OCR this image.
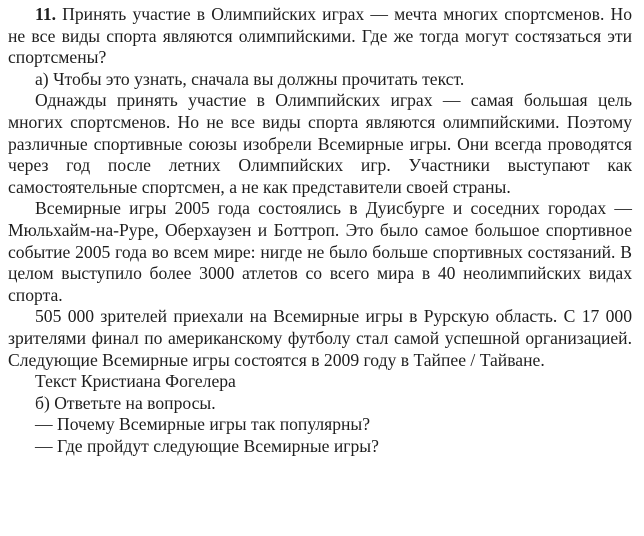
11. Принять участие в Олимпийских играх — мечта многих спортсменов. Но не все виды спорта являются олимпийскими. Где же тогда могут состязаться эти спортсмены?

а) Чтобы это узнать, сначала вы должны прочитать текст.

Однажды принять участие в Олимпийских играх — самая большая цель многих спортсменов. Но не все виды спорта являются олимпийскими. Поэтому различные спортивные союзы изобрели Всемирные игры. Они всегда проводятся через год после летних Олимпийских игр. Участники выступают как самостоятельные спортсмен, а не как представители своей страны.

Всемирные игры 2005 года состоялись в Дуисбурге и соседних городах — Мюльхайм-на-Руре, Оберхаузен и Боттроп. Это было самое большое спортивное событие 2005 года во всем мире: нигде не было больше спортивных состязаний. В целом выступило более 3000 атлетов со всего мира в 40 неолимпийских видах спорта.

505 000 зрителей приехали на Всемирные игры в Рурскую область. С 17 000 зрителями финал по американскому футболу стал самой успешной организацией. Следующие Всемирные игры состоятся в 2009 году в Тайпее / Тайване.

Текст Кристиана Фогелера

б) Ответьте на вопросы.

— Почему Всемирные игры так популярны?

— Где пройдут следующие Всемирные игры?
